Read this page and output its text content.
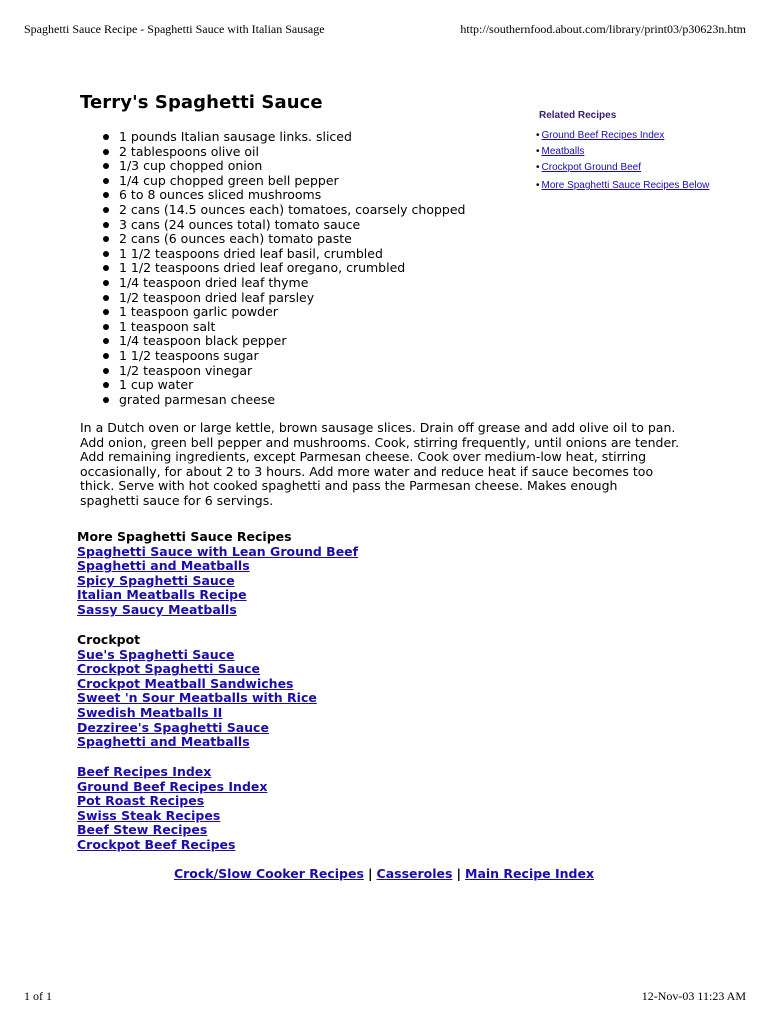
Spaghetti Sauce Recipe - Spaghetti Sauce with Italian Sausage	http://southernfood.about.com/library/print03/p30623n.htm
Terry's Spaghetti Sauce
1 pounds Italian sausage links. sliced
2 tablespoons olive oil
1/3 cup chopped onion
1/4 cup chopped green bell pepper
6 to 8 ounces sliced mushrooms
2 cans (14.5 ounces each) tomatoes, coarsely chopped
3 cans (24 ounces total) tomato sauce
2 cans (6 ounces each) tomato paste
1 1/2 teaspoons dried leaf basil, crumbled
1 1/2 teaspoons dried leaf oregano, crumbled
1/4 teaspoon dried leaf thyme
1/2 teaspoon dried leaf parsley
1 teaspoon garlic powder
1 teaspoon salt
1/4 teaspoon black pepper
1 1/2 teaspoons sugar
1/2 teaspoon vinegar
1 cup water
grated parmesan cheese
Related Recipes
• Ground Beef Recipes Index
• Meatballs
• Crockpot Ground Beef
• More Spaghetti Sauce Recipes Below

In a Dutch oven or large kettle, brown sausage slices. Drain off grease and add olive oil to pan. Add onion, green bell pepper and mushrooms. Cook, stirring frequently, until onions are tender. Add remaining ingredients, except Parmesan cheese. Cook over medium-low heat, stirring occasionally, for about 2 to 3 hours. Add more water and reduce heat if sauce becomes too thick. Serve with hot cooked spaghetti and pass the Parmesan cheese. Makes enough spaghetti sauce for 6 servings.

More Spaghetti Sauce Recipes
Spaghetti Sauce with Lean Ground Beef
Spaghetti and Meatballs
Spicy Spaghetti Sauce
Italian Meatballs Recipe
Sassy Saucy Meatballs
Crockpot
Sue's Spaghetti Sauce
Crockpot Spaghetti Sauce
Crockpot Meatball Sandwiches
Sweet 'n Sour Meatballs with Rice
Swedish Meatballs II
Dezziree's Spaghetti Sauce
Spaghetti and Meatballs
Beef Recipes Index
Ground Beef Recipes Index
Pot Roast Recipes
Swiss Steak Recipes
Beef Stew Recipes
Crockpot Beef Recipes
Crock/Slow Cooker Recipes | Casseroles | Main Recipe Index
1 of 1	12-Nov-03 11:23 AM
